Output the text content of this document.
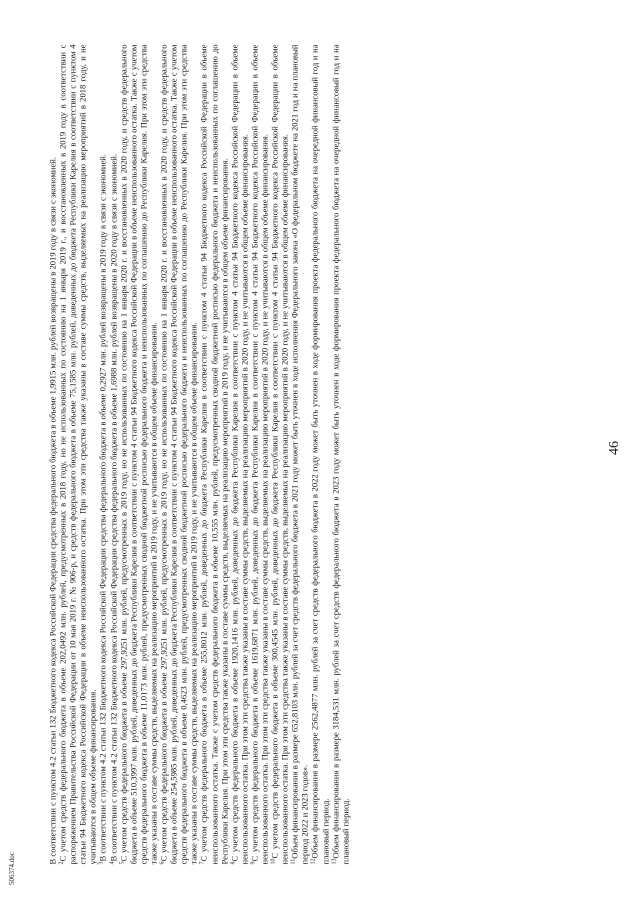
46

В соответствии с пунктом 4.2 статьи 132 Бюджетного кодекса Российской Федерации средства федерального бюджета в объеме 1,9915 млн. рублей возвращены в 2019 году в связи с экономией. $^2$С учетом средств федерального бюджета в объеме 202,0492 млн. рублей, предусмотренных в 2018 году, но не использованных по состоянию на 1 января 2019 г., и восстановленных в 2019 году в соответствии с распоряжением Правительства Российской Федерации от 10 мая 2019 г. № 906-р, и средств федерального бюджета в объеме 75,1585 млн. рублей, доведенных до бюджета Республики Карелия в соответствии с пунктом 4 статьи 94 Бюджетного кодекса Российской Федерации в объеме неиспользованного остатка. При этом эти средства также указаны в составе суммы средств, выделяемых на реализацию мероприятий в 2018 году, и не учитываются в общем объеме финансирования. $^3$В соответствии с пунктом 4.2 статьи 132 Бюджетного кодекса Российской Федерации средства федерального бюджета в объеме 0,2927 млн. рублей возвращены в 2019 году в связи с экономией.

$^4$В соответствии с пунктом 4.2 статьи 132 Бюджетного кодекса Российской Федерации средства федерального бюджета в объеме 1,6988 млн. рублей возвращены в 2020 году в связи с экономией.

$^5$С учетом средств федерального бюджета в объеме 297,9251 млн. рублей, предусмотренных в 2019 году, но не использованных по состоянию на 1 января 2020 г. и восстановленных в 2020 году, и средств федерального бюджета в объеме 510,3997 млн. рублей, доведенных до бюджета Республики Карелия в соответствии с пунктом 4 статьи 94 Бюджетного кодекса Российской Федерации в объеме неиспользованного остатка. Также с учетом средств федерального бюджета в объеме 11,0173 млн. рублей, предусмотренных сводной бюджетной росписью федерального бюджета и неиспользованных по соглашению до Республики Карелия. При этом эти средства также указаны в составе суммы средств, выделяемых на реализацию мероприятий в 2019 году, и не учитываются в общем объеме финансирования. $^6$С учетом средств федерального бюджета в объеме 297,9251 млн. рублей, предусмотренных в 2019 году, но не использованных по состоянию на 1 января 2020 г. и восстановленных в 2020 году, и средств федерального бюджета в объеме 254,5985 млн. рублей, доведенных до бюджета Республики Карелия в соответствии с пунктом 4 статьи 94 Бюджетного кодекса Российской Федерации в объеме неиспользованного остатка. Также с учетом средств федерального бюджета в объеме 0,4623 млн. рублей, предусмотренных сводной бюджетной росписью федерального бюджета и неиспользованных по соглашению до Республики Карелия. При этом эти средства также указаны в составе суммы средств, выделяемых на реализацию мероприятий в 2019 году, и не учитываются в общем объеме финансирования. $^7$С учетом средств федерального бюджета в объеме 255,8012 млн. рублей, доведенных до бюджета Республики Карелия в соответствии с пунктом 4 статьи 94 Бюджетного кодекса Российской Федерации в объеме неиспользованного остатка. Также с учетом средств федерального бюджета в объеме 10,555 млн. рублей, предусмотренных сводной бюджетной росписью федерального бюджета и неиспользованных по соглашению до Республики Карелия. При этом эти средства также указаны в составе суммы средств, выделяемых на реализацию мероприятий в 2019 году, и не учитываются в общем объеме финансирования. $^8$С учетом средств федерального бюджета в объеме 1920,1416 млн. рублей, доведенных до бюджета Республики Карелия в соответствии с пунктом 4 статьи 94 Бюджетного кодекса Российской Федерации в объеме неиспользованного остатка. При этом эти средства также указаны в составе суммы средств, выделяемых на реализацию мероприятий в 2020 году, и не учитываются в общем объеме финансирования. $^9$С учетом средств федерального бюджета в объеме 1619,6871 млн. рублей, доведенных до бюджета Республики Карелия в соответствии с пунктом 4 статьи 94 Бюджетного кодекса Российской Федерации в объеме неиспользованного остатка. При этом эти средства также указаны в составе суммы средств, выделяемых на реализацию мероприятий в 2020 году, и не учитываются в общем объеме финансирования. $^{10}$С учетом средств федерального бюджета в объеме 300,4545 млн. рублей, доведенных до бюджета Республики Карелия в соответствии с пунктом 4 статьи 94 Бюджетного кодекса Российской Федерации в объеме неиспользованного остатка. При этом эти средства также указаны в составе суммы средств, выделяемых на реализацию мероприятий в 2020 году, и не учитываются в общем объеме финансирования. $^{11}$Объем финансирования в размере 652,8103 млн. рублей за счет средств федерального бюджета в 2021 году может быть уточнен в ходе исполнения Федерального закона «О федеральном бюджете на 2021 год и на плановый период 2022 и 2023 годов». $^{12}$Объем финансирования в размере 2562,4877 млн. рублей за счет средств федерального бюджета в 2022 году может быть уточнен в ходе формирования проекта федерального бюджета на очередной финансовый год и на плановый период. $^{13}$Объем финансирования в размере 3184,531 млн. рублей за счет средств федерального бюджета в 2023 году может быть уточнен в ходе формирования проекта федерального бюджета на очередной финансовый год и на плановый период.

506374.doc
